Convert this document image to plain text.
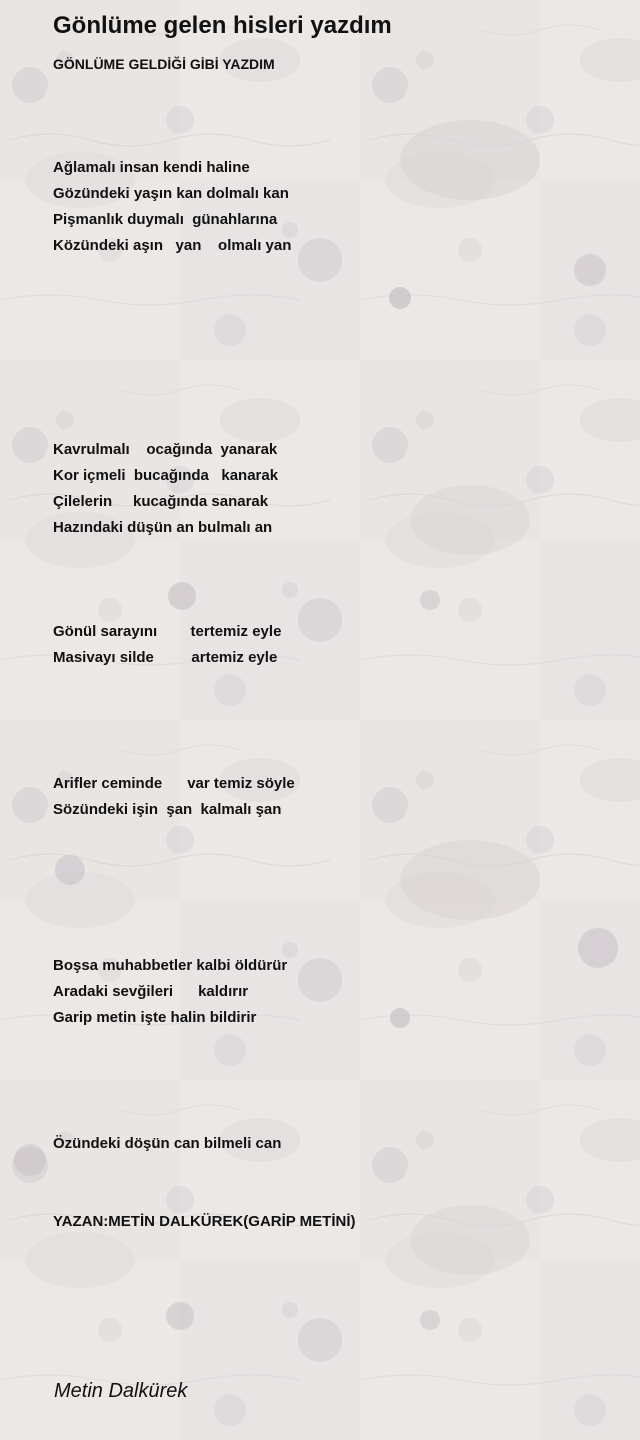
Gönlüme gelen hisleri yazdım

GÖNLÜME GELDİĞİ GİBİ YAZDIM

Ağlamalı insan kendi haline

Gözündeki yaşın kan dolmalı kan

Pişmanlık duymalı  günahlarına

Közündeki aşın   yan    olmalı yan

Kavrulmalı    ocağında  yanarak

Kor içmeli  bucağında   kanarak

Çilelerin     kucağında sanarak

Hazındaki düşün an bulmalı an

Gönül sarayını        tertemiz eyle

Masivayı silde         artemiz eyle

Arifler ceminde      var temiz söyle

Sözündeki işin  şan  kalmalı şan

Boşsa muhabbetler kalbi öldürür

Aradaki sevğileri      kaldırır

Garip metin işte halin bildirir

Özündeki döşün can bilmeli can

YAZAN:METİN DALKÜREK(GARİP METİNİ)

Metin Dalkürek
